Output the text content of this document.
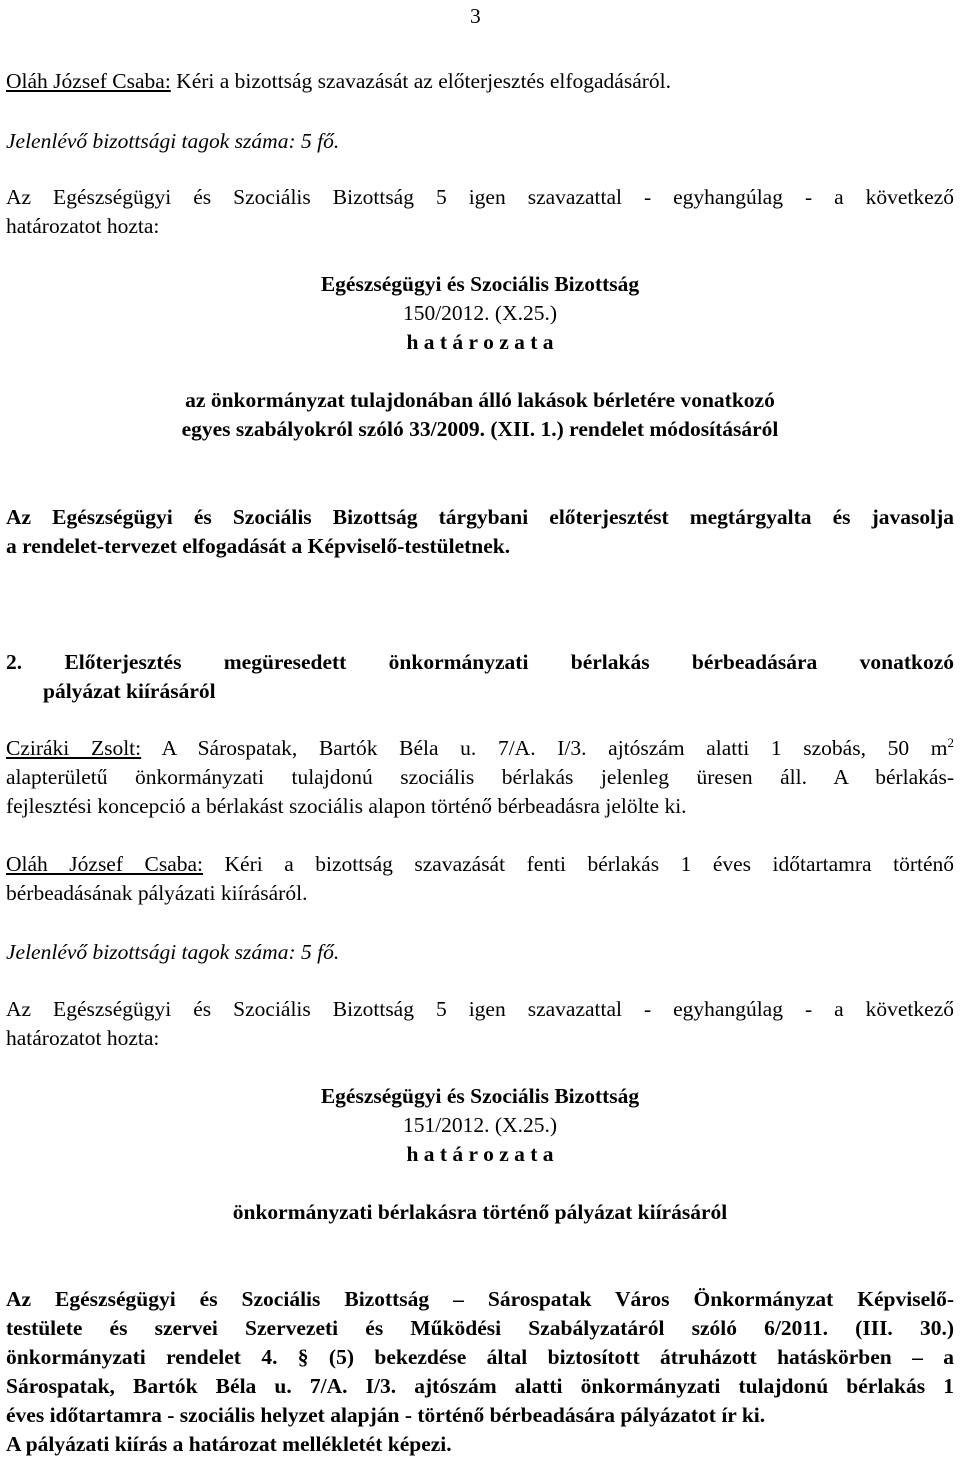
3
Oláh József Csaba: Kéri a bizottság szavazását az előterjesztés elfogadásáról.
Jelenlévő bizottsági tagok száma: 5 fő.
Az Egészségügyi és Szociális Bizottság 5 igen szavazattal - egyhangúlag - a következő
határozatot hozta:
Egészségügyi és Szociális Bizottság
150/2012. (X.25.)
h a t á r o z a t a
az önkormányzat tulajdonában álló lakások bérletére vonatkozó
egyes szabályokról szóló 33/2009. (XII. 1.) rendelet módosításáról
Az Egészségügyi és Szociális Bizottság tárgybani előterjesztést megtárgyalta és javasolja
a rendelet-tervezet elfogadását a Képviselő-testületnek.
2. Előterjesztés megüresedett önkormányzati bérlakás bérbeadására vonatkozó
pályázat kiírásáról
Cziráki Zsolt: A Sárospatak, Bartók Béla u. 7/A. I/3. ajtószám alatti 1 szobás, 50 $m^2$
alapterületű önkormányzati tulajdonú szociális bérlakás jelenleg üresen áll. A bérlakás-
fejlesztési koncepció a bérlakást szociális alapon történő bérbeadásra jelölte ki.
Oláh József Csaba: Kéri a bizottság szavazását fenti bérlakás 1 éves időtartamra történő
bérbeadásának pályázati kiírásáról.
Jelenlévő bizottsági tagok száma: 5 fő.
Az Egészségügyi és Szociális Bizottság 5 igen szavazattal - egyhangúlag - a következő
határozatot hozta:
Egészségügyi és Szociális Bizottság
151/2012. (X.25.)
h a t á r o z a t a
önkormányzati bérlakásra történő pályázat kiírásáról
Az Egészségügyi és Szociális Bizottság – Sárospatak Város Önkormányzat Képviselő-
testülete és szervei Szervezeti és Működési Szabályzatáról szóló 6/2011. (III. 30.)
önkormányzati rendelet 4. § (5) bekezdése által biztosított átruházott hatáskörben – a
Sárospatak, Bartók Béla u. 7/A. I/3. ajtószám alatti önkormányzati tulajdonú bérlakás 1
éves időtartamra - szociális helyzet alapján - történő bérbeadására pályázatot ír ki.
A pályázati kiírás a határozat mellékletét képezi.
